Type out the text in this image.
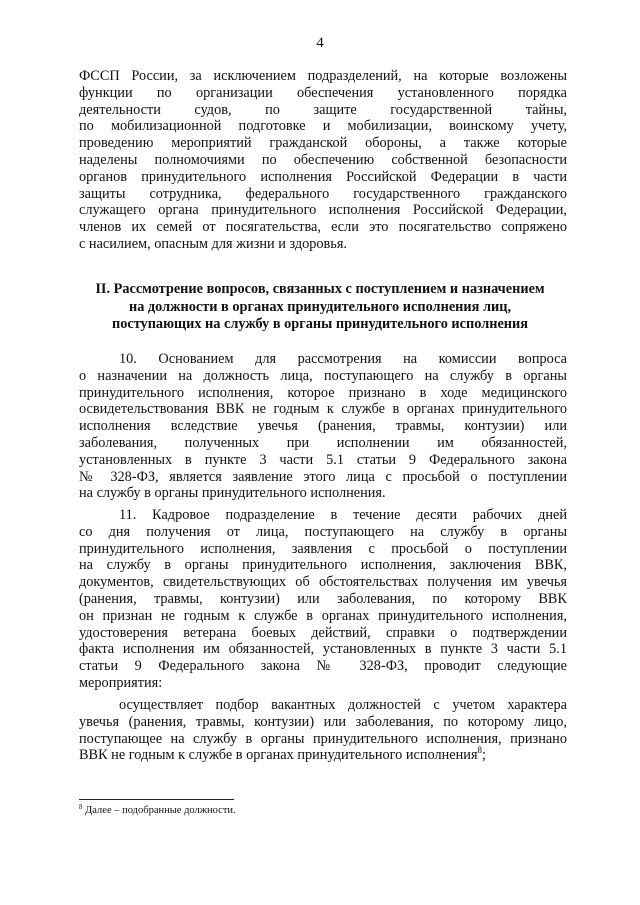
4
ФССП России, за исключением подразделений, на которые возложены
функции по организации обеспечения установленного порядка
деятельности судов, по защите государственной тайны,
по мобилизационной подготовке и мобилизации, воинскому учету,
проведению мероприятий гражданской обороны, а также которые
наделены полномочиями по обеспечению собственной безопасности
органов принудительного исполнения Российской Федерации в части
защиты сотрудника, федерального государственного гражданского
служащего органа принудительного исполнения Российской Федерации,
членов их семей от посягательства, если это посягательство сопряжено
с насилием, опасным для жизни и здоровья.
II. Рассмотрение вопросов, связанных с поступлением и назначением
на должности в органах принудительного исполнения лиц,
поступающих на службу в органы принудительного исполнения
10. Основанием для рассмотрения на комиссии вопроса
о назначении на должность лица, поступающего на службу в органы
принудительного исполнения, которое признано в ходе медицинского
освидетельствования ВВК не годным к службе в органах принудительного
исполнения вследствие увечья (ранения, травмы, контузии) или
заболевания, полученных при исполнении им обязанностей,
установленных в пункте 3 части 5.1 статьи 9 Федерального закона
№ 328-ФЗ, является заявление этого лица с просьбой о поступлении
на службу в органы принудительного исполнения.
11. Кадровое подразделение в течение десяти рабочих дней
со дня получения от лица, поступающего на службу в органы
принудительного исполнения, заявления с просьбой о поступлении
на службу в органы принудительного исполнения, заключения ВВК,
документов, свидетельствующих об обстоятельствах получения им увечья
(ранения, травмы, контузии) или заболевания, по которому ВВК
он признан не годным к службе в органах принудительного исполнения,
удостоверения ветерана боевых действий, справки о подтверждении
факта исполнения им обязанностей, установленных в пункте 3 части 5.1
статьи 9 Федерального закона № 328-ФЗ, проводит следующие
мероприятия:
осуществляет подбор вакантных должностей с учетом характера
увечья (ранения, травмы, контузии) или заболевания, по которому лицо,
поступающее на службу в органы принудительного исполнения, признано
ВВК не годным к службе в органах принудительного исполнения$^8$;
$^8$ Далее – подобранные должности.
